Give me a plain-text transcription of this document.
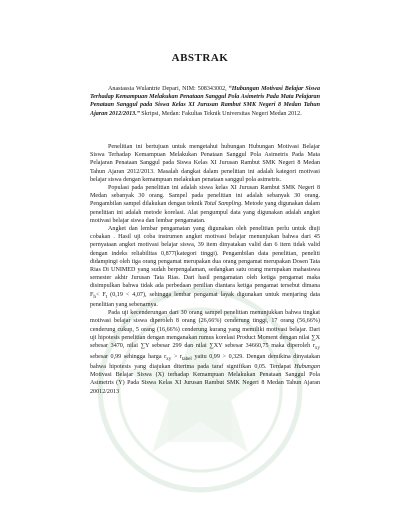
ABSTRAK

Anastassia Wulantrie Depari, NIM: 508343002, “Hubungan Motivasi Belajar Siswa Terhadap Kemampuan Melakukan Penataan Sanggul Pola Asimetris Pada Mata Pelajaran Penataan Sanggul pada Siswa Kelas XI Jurusan Rambut SMK Negeri 8 Medan Tahun Ajaran 2012/2013.” Skripsi, Medan: Fakultas Teknik Universitas Negeri Medan 2012.

Penelitian ini bertujuan untuk mengetahui hubungan Hubungan Motivasi Belajar Siswa Terhadap Kemampuan Melakukan Penataan Sanggul Pola Asimetris Pada Mata Pelajaran Penataan Sanggul pada Siswa Kelas XI Jurusan Rambut SMK Negeri 8 Medan Tahun Ajaran 2012/2013. Masalah dangkat dalam penelitian ini adalah kategori motivasi belajar siswa dengan kemampuan melakukan penataan sanggul pola asimetris.

Populasi pada penelitian ini adalah siswa kelas XI Jurusan Rambut SMK Negeri 8 Medan sebanyak 30 orang. Sampel pada penelitian ini adalah sebanyak 30 orang. Pengambilan sampel dilakukan dengan teknik Total Sampling. Metode yang digunakan dalam penelitian ini adalah metode korelasi. Alat pengumpul data yang digunakan adalah angket motivasi belajar siswa dan lembar pengamatan.

Angket dan lembar pengamatan yang digunakan oleh penelitian perlu untuk diuji cobakan . Hasil uji coba instrumen angket motivasi belajar menunjukan bahwa dari 45 pernyataan angket motivasi belajar siswa, 39 item dinyatakan valid dan 6 item tidak valid dengan indeks reliabilitas 0,877(kategori tinggi). Pengambilan data penelitian, peneliti didampingi oleh tiga orang pengamat merupakan dua orang pengamat merupakan Dosen Tata Rias Di UNIMED yang sudah berpengalaman, sedangkan satu orang merupakan mahasiswa semester akhir Jurusan Tata Rias. Dari hasil pengamatan oleh ketiga pengamat maka disimpulkan bahwa tidak ada perbedaan penilian diantara ketiga pengamat tersebut dimana $F_h< F_t$ (0,19 < 4,07), sehingga lembar pengamat layak digunakan untuk menjaring data penelitian yang sebenarnya.

Pada uji kecenderungan dari 30 orang sampel penelitian menunjukkan bahwa tingkat motivasi belajar siswa diperoleh 8 orang (26,66%) cenderung tinggi, 17 orang (56,66%) cenderung cukup, 5 orang (16,66%) cenderung kurang yang memiliki motivasi belajar. Dari uji hipotesis penelitian dengan menganakan rumus korelasi Product Moment dengan nilai ∑X sebesar 3470, nilai ∑Y sebesar 299 dan nilai ∑XY sebesar 34660,75 maka diperoleh $r_{xy}$ sebesar 0,99 sehingga harga $r_{xy} > r_{tabel}$ yaitu 0,99 > 0,329. Dengan demikina dinyatakan bahwa hipotesis yang diajukan diterima pada taraf signifikan 0,05. Terdapat Hubungan Motivasi Belajar Siswa (X) terhadap Kemampuan Melakukan Penataan Sanggul Pola Asimetris (Y) Pada Siswa Kelas XI Jurusan Rambut SMK Negeri 8 Medan Tahun Ajaran 20012/2013
